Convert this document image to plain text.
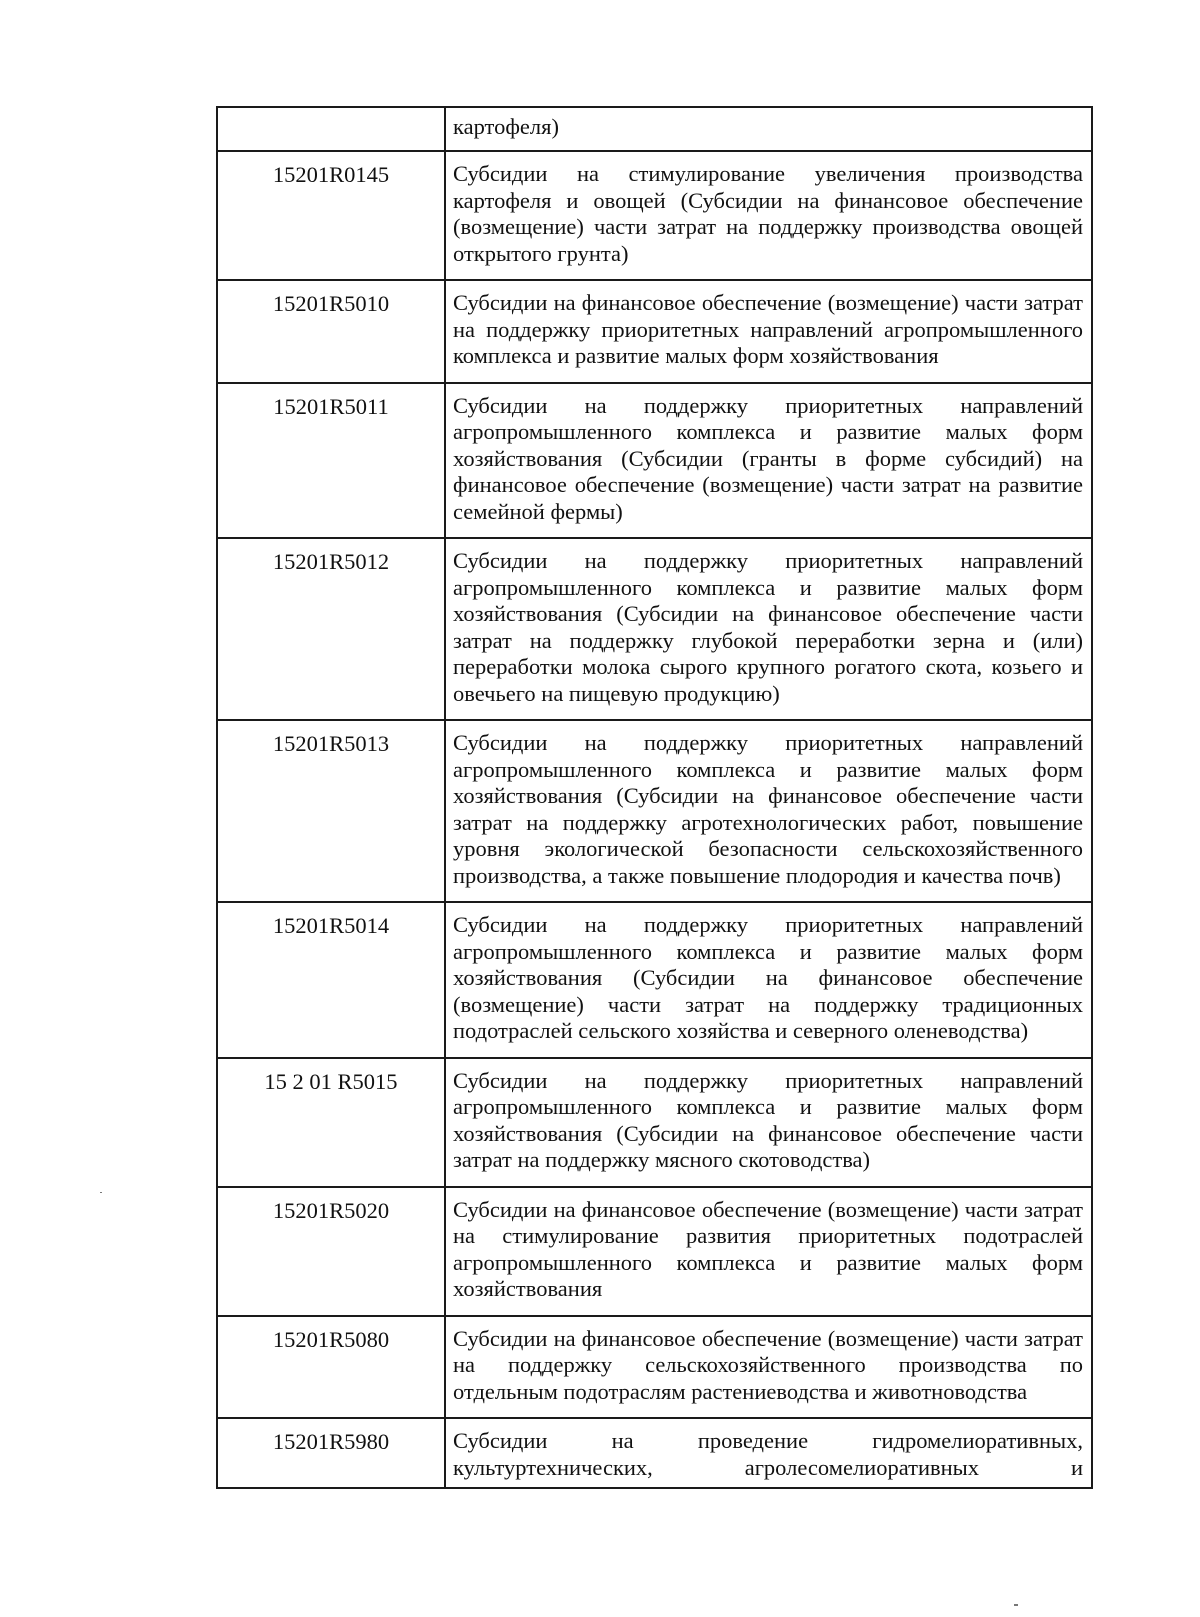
	картофеля)
15201R0145	Субсидии на стимулирование увеличения производства картофеля и овощей (Субсидии на финансовое обеспечение (возмещение) части затрат на поддержку производства овощей открытого грунта)
15201R5010	Субсидии на финансовое обеспечение (возмещение) части затрат на поддержку приоритетных направлений агропромышленного комплекса и развитие малых форм хозяйствования
15201R5011	Субсидии на поддержку приоритетных направлений агропромышленного комплекса и развитие малых форм хозяйствования (Субсидии (гранты в форме субсидий) на финансовое обеспечение (возмещение) части затрат на развитие семейной фермы)
15201R5012	Субсидии на поддержку приоритетных направлений агропромышленного комплекса и развитие малых форм хозяйствования (Субсидии на финансовое обеспечение части затрат на поддержку глубокой переработки зерна и (или) переработки молока сырого крупного рогатого скота, козьего и овечьего на пищевую продукцию)
15201R5013	Субсидии на поддержку приоритетных направлений агропромышленного комплекса и развитие малых форм хозяйствования (Субсидии на финансовое обеспечение части затрат на поддержку агротехнологических работ, повышение уровня экологической безопасности сельскохозяйственного производства, а также повышение плодородия и качества почв)
15201R5014	Субсидии на поддержку приоритетных направлений агропромышленного комплекса и развитие малых форм хозяйствования (Субсидии на финансовое обеспечение (возмещение) части затрат на поддержку традиционных подотраслей сельского хозяйства и северного оленеводства)
15 2 01 R5015	Субсидии на поддержку приоритетных направлений агропромышленного комплекса и развитие малых форм хозяйствования (Субсидии на финансовое обеспечение части затрат на поддержку мясного скотоводства)
15201R5020	Субсидии на финансовое обеспечение (возмещение) части затрат на стимулирование развития приоритетных подотраслей агропромышленного комплекса и развитие малых форм хозяйствования
15201R5080	Субсидии на финансовое обеспечение (возмещение) части затрат на поддержку сельскохозяйственного производства по отдельным подотраслям растениеводства и животноводства
15201R5980	Субсидии на проведение гидромелиоративных, культуртехнических, агролесомелиоративных и
